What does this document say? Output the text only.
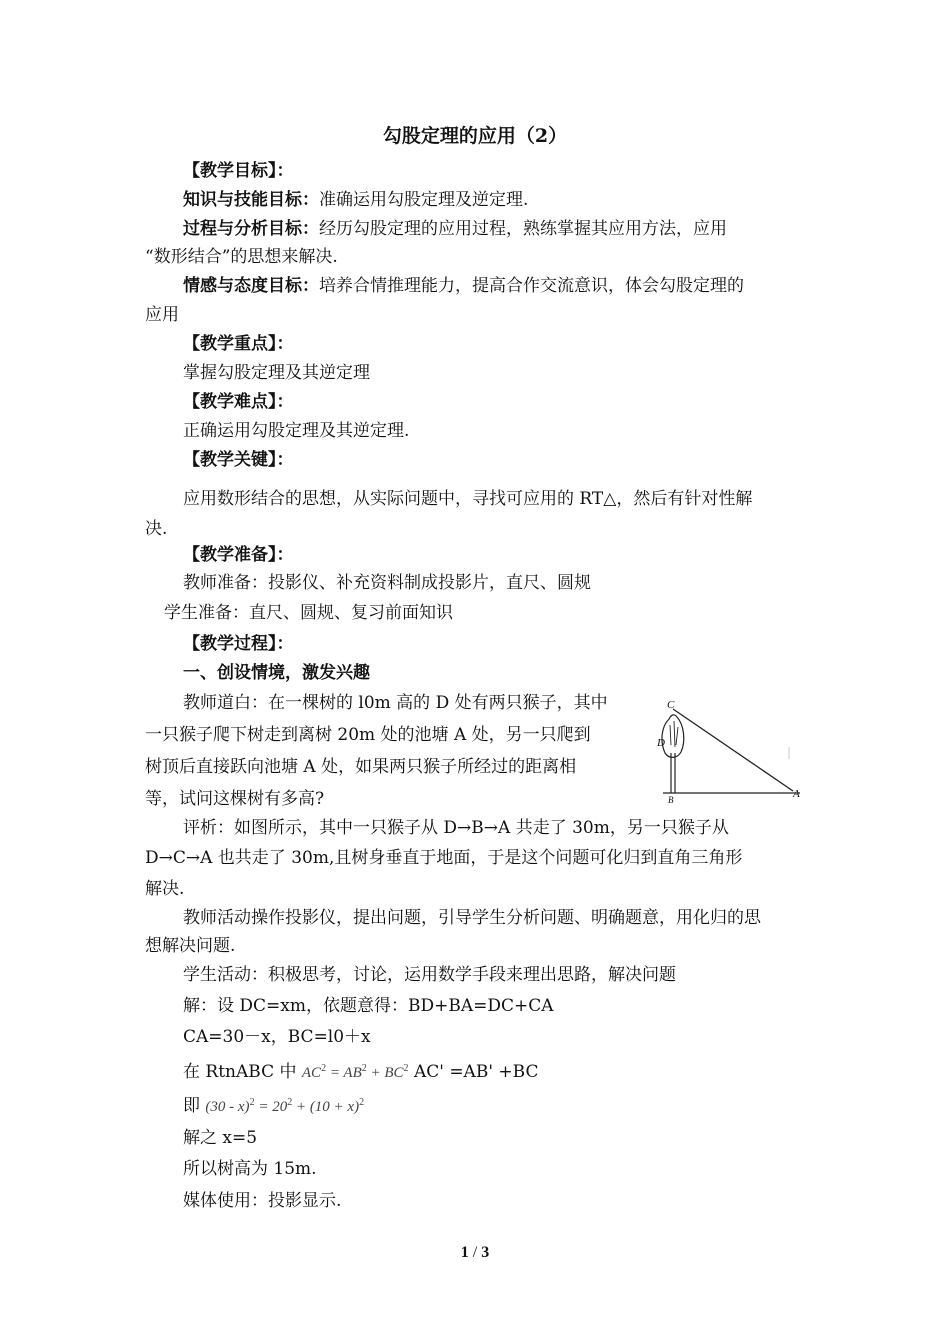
勾股定理的应用（2）
【教学目标】：
知识与技能目标：准确运用勾股定理及逆定理.
过程与分析目标：经历勾股定理的应用过程，熟练掌握其应用方法，应用
“数形结合”的思想来解决.
情感与态度目标：培养合情推理能力，提高合作交流意识，体会勾股定理的
应用
【教学重点】：
掌握勾股定理及其逆定理
【教学难点】：
正确运用勾股定理及其逆定理.
【教学关键】：
应用数形结合的思想，从实际问题中，寻找可应用的 RT△，然后有针对性解
决.
【教学准备】：
教师准备：投影仪、补充资料制成投影片，直尺、圆规
学生准备：直尺、圆规、复习前面知识
【教学过程】：
一、创设情境，激发兴趣
教师道白：在一棵树的 l0m 高的 D 处有两只猴子，其中
一只猴子爬下树走到离树 20m 处的池塘 A 处，另一只爬到
树顶后直接跃向池塘 A 处，如果两只猴子所经过的距离相
等，试问这棵树有多高?
C
D
B	A
评析：如图所示，其中一只猴子从 D→B→A 共走了 30m，另一只猴子从
D→C→A 也共走了 30m,且树身垂直于地面，于是这个问题可化归到直角三角形
解决.
教师活动操作投影仪，提出问题，引导学生分析问题、明确题意，用化归的思
想解决问题.
学生活动：积极思考，讨论，运用数学手段来理出思路，解决问题
解：设 DC=xm，依题意得：BD+BA=DC+CA
CA=30－x，BC=l0＋x
在 RtnABC 中 $AC^2 = AB^2 + BC^2$ AC' =AB' +BC
即 $(30 - x)^2 = 20^2 + (10 + x)^2$
解之 x=5
所以树高为 15m.
媒体使用：投影显示.
1 / 3
